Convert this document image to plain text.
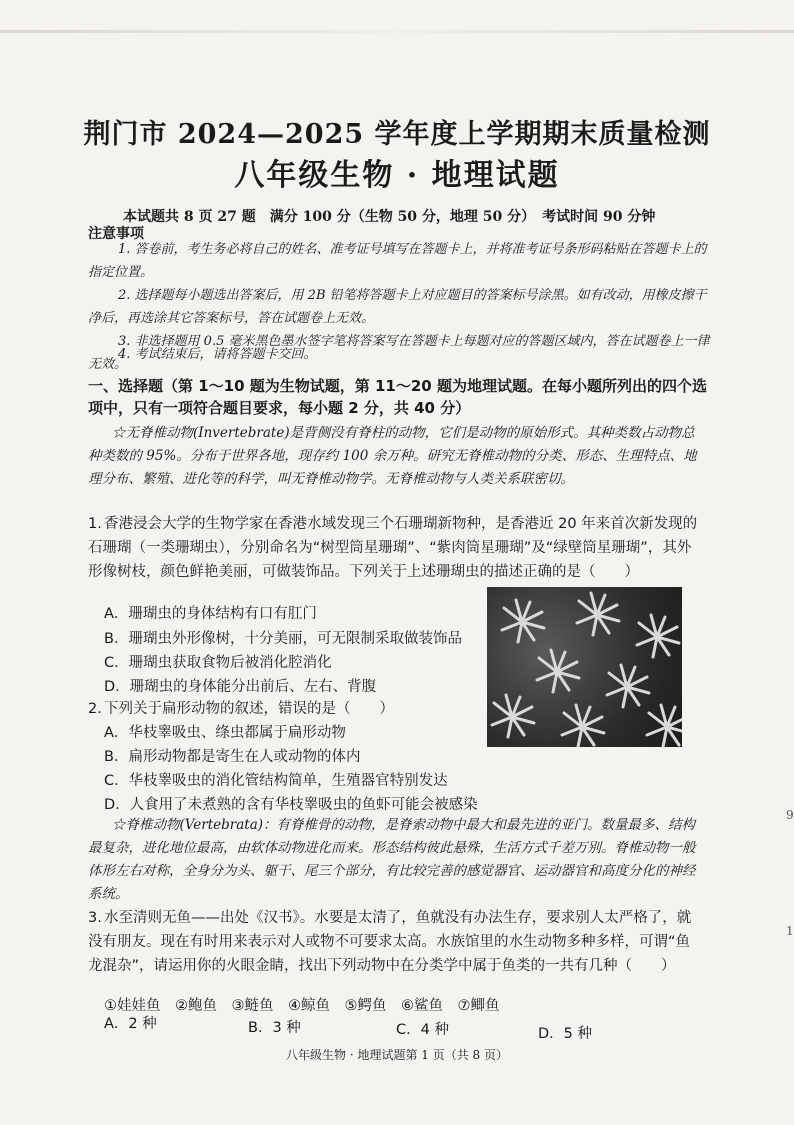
荆门市 2024—2025 学年度上学期期末质量检测
八年级生物 · 地理试题
本试题共 8 页 27 题　满分 100 分（生物 50 分，地理 50 分）　考试时间 90 分钟
注意事项
1. 答卷前，考生务必将自己的姓名、准考证号填写在答题卡上，并将准考证号条形码粘贴在答题卡上的指定位置。
2. 选择题每小题选出答案后，用 2B 铅笔将答题卡上对应题目的答案标号涂黑。如有改动，用橡皮擦干净后，再选涂其它答案标号，答在试题卷上无效。
3. 非选择题用 0.5 毫米黑色墨水签字笔将答案写在答题卡上每题对应的答题区域内，答在试题卷上一律无效。
4. 考试结束后，请将答题卡交回。
一、选择题（第 1～10 题为生物试题，第 11～20 题为地理试题。在每小题所列出的四个选项中，只有一项符合题目要求，每小题 2 分，共 40 分）
☆无脊椎动物(Invertebrate)是背侧没有脊柱的动物，它们是动物的原始形式。其种类数占动物总种类数的 95%。分布于世界各地，现存约 100 余万种。研究无脊椎动物的分类、形态、生理特点、地理分布、繁殖、进化等的科学，叫无脊椎动物学。无脊椎动物与人类关系联密切。
1. 香港浸会大学的生物学家在香港水域发现三个石珊瑚新物种，是香港近 20 年来首次新发现的石珊瑚（一类珊瑚虫），分别命名为“树型筒星珊瑚”、“紫肉筒星珊瑚”及“绿壁筒星珊瑚”，其外形像树枝，颜色鲜艳美丽，可做装饰品。下列关于上述珊瑚虫的描述正确的是（　　）
A．珊瑚虫的身体结构有口有肛门
B．珊瑚虫外形像树，十分美丽，可无限制采取做装饰品
C．珊瑚虫获取食物后被消化腔消化
D．珊瑚虫的身体能分出前后、左右、背腹
2. 下列关于扁形动物的叙述，错误的是（　　）
A．华枝睾吸虫、绦虫都属于扁形动物
B．扁形动物都是寄生在人或动物的体内
C．华枝睾吸虫的消化管结构简单，生殖器官特别发达
D．人食用了未煮熟的含有华枝睾吸虫的鱼虾可能会被感染
☆脊椎动物(Vertebrata)：有脊椎骨的动物，是脊索动物中最大和最先进的亚门。数量最多、结构最复杂，进化地位最高，由软体动物进化而来。形态结构彼此悬殊，生活方式千差万别。脊椎动物一般体形左右对称，全身分为头、躯干、尾三个部分，有比较完善的感觉器官、运动器官和高度分化的神经系统。
3. 水至清则无鱼——出处《汉书》。水要是太清了，鱼就没有办法生存，要求别人太严格了，就没有朋友。现在有时用来表示对人或物不可要求太高。水族馆里的水生动物多种多样，可谓“鱼龙混杂”，请运用你的火眼金睛，找出下列动物中在分类学中属于鱼类的一共有几种（　　）
①娃娃鱼　②鲍鱼　③鲢鱼　④鲸鱼　⑤鳄鱼　⑥鲨鱼　⑦鲫鱼
A．2 种	B．3 种	C．4 种	D．5 种
八年级生物 · 地理试题第 1 页（共 8 页）
9
1
